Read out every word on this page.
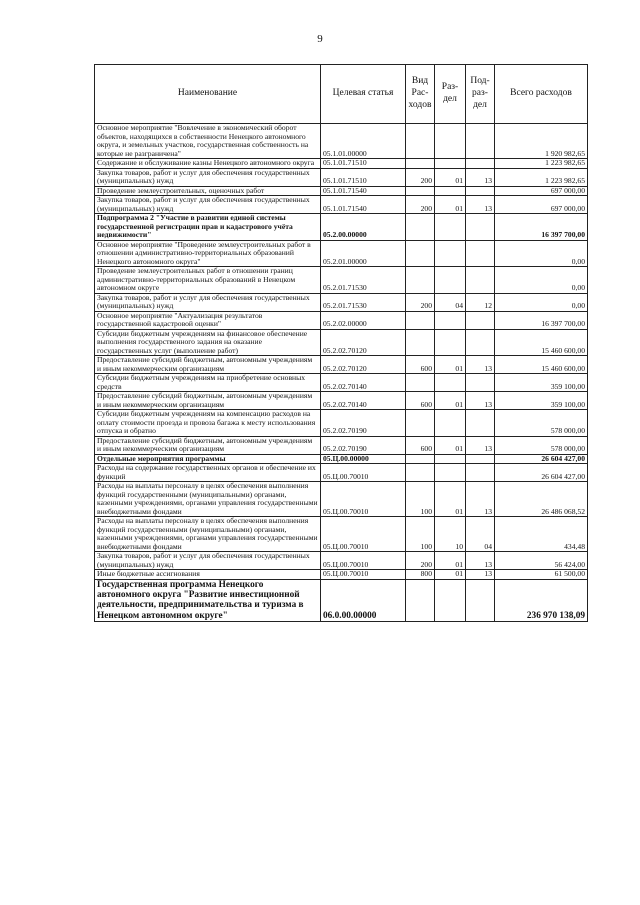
9
Наименование	Целевая статья	Вид Рас- ходов	Раз- дел	Под- раз- дел	Всего расходов
Основное мероприятие "Вовлечение в экономический оборот объектов, находящихся в собственности Ненецкого автономного округа, и земельных участков, государственная собственность на которые не разграничена"	05.1.01.00000				1 920 982,65
Содержание и обслуживание казны Ненецкого автономного округа	05.1.01.71510				1 223 982,65
Закупка товаров, работ и услуг для обеспечения государственных (муниципальных) нужд	05.1.01.71510	200	01	13	1 223 982,65
Проведение землеустроительных, оценочных работ	05.1.01.71540				697 000,00
Закупка товаров, работ и услуг для обеспечения государственных (муниципальных) нужд	05.1.01.71540	200	01	13	697 000,00
Подпрограмма 2 "Участие в развитии единой системы государственной регистрации прав и кадастрового учёта недвижимости"	05.2.00.00000				16 397 700,00
Основное мероприятие "Проведение землеустроительных работ в отношении административно-территориальных образований Ненецкого автономного округа"	05.2.01.00000				0,00
Проведение землеустроительных работ в отношении границ административно-территориальных образований в Ненецком автономном округе	05.2.01.71530				0,00
Закупка товаров, работ и услуг для обеспечения государственных (муниципальных) нужд	05.2.01.71530	200	04	12	0,00
Основное мероприятие "Актуализация результатов государственной кадастровой оценки"	05.2.02.00000				16 397 700,00
Субсидии бюджетным учреждениям на финансовое обеспечение выполнения государственного задания на оказание государственных услуг (выполнение работ)	05.2.02.70120				15 460 600,00
Предоставление субсидий бюджетным, автономным учреждениям и иным некоммерческим организациям	05.2.02.70120	600	01	13	15 460 600,00
Субсидии бюджетным учреждениям на приобретение основных средств	05.2.02.70140				359 100,00
Предоставление субсидий бюджетным, автономным учреждениям и иным некоммерческим организациям	05.2.02.70140	600	01	13	359 100,00
Субсидии бюджетным учреждениям на компенсацию расходов на оплату стоимости проезда и провоза багажа к месту использования отпуска и обратно	05.2.02.70190				578 000,00
Предоставление субсидий бюджетным, автономным учреждениям и иным некоммерческим организациям	05.2.02.70190	600	01	13	578 000,00
Отдельные мероприятия программы	05.Ц.00.00000				26 604 427,00
Расходы на содержание государственных органов и обеспечение их функций	05.Ц.00.70010				26 604 427,00
Расходы на выплаты персоналу в целях обеспечения выполнения функций государственными (муниципальными) органами, казенными учреждениями, органами управления государственными внебюджетными фондами	05.Ц.00.70010	100	01	13	26 486 068,52
Расходы на выплаты персоналу в целях обеспечения выполнения функций государственными (муниципальными) органами, казенными учреждениями, органами управления государственными внебюджетными фондами	05.Ц.00.70010	100	10	04	434,48
Закупка товаров, работ и услуг для обеспечения государственных (муниципальных) нужд	05.Ц.00.70010	200	01	13	56 424,00
Иные бюджетные ассигнования	05.Ц.00.70010	800	01	13	61 500,00
Государственная программа Ненецкого автономного округа "Развитие инвестиционной деятельности, предпринимательства и туризма в Ненецком автономном округе"	06.0.00.00000				236 970 138,09
